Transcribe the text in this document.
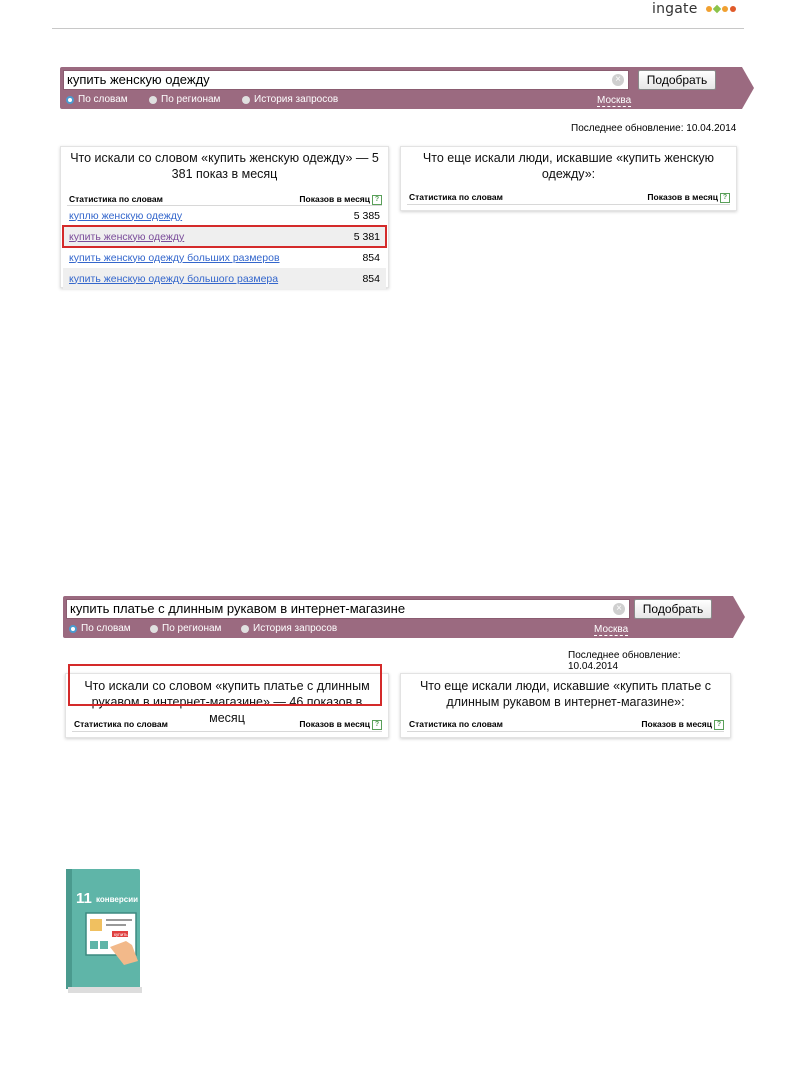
ingate
купить женскую одежду	×	Подобрать
По словам	По регионам	История запросов	Москва
Последнее обновление: 10.04.2014
Что искали со словом «купить женскую одежду» — 5 381 показ в месяц
Статистика по словам	Показов в месяц ?
куплю женскую одежду	5 385
купить женскую одежду	5 381
купить женскую одежду больших размеров	854
купить женскую одежду большого размера	854
Что еще искали люди, искавшие «купить женскую одежду»:
Статистика по словам	Показов в месяц ?
купить платье с длинным рукавом в интернет-магазине	×	Подобрать
По словам	По регионам	История запросов	Москва
Последнее обновление: 10.04.2014
Что искали со словом «купить платье с длинным рукавом в интернет-магазине» — 46 показов в месяц
Статистика по словам	Показов в месяц ?
Что еще искали люди, искавшие «купить платье с длинным рукавом в интернет-магазине»:
Статистика по словам	Показов в месяц ?
11 конверсии
купить
